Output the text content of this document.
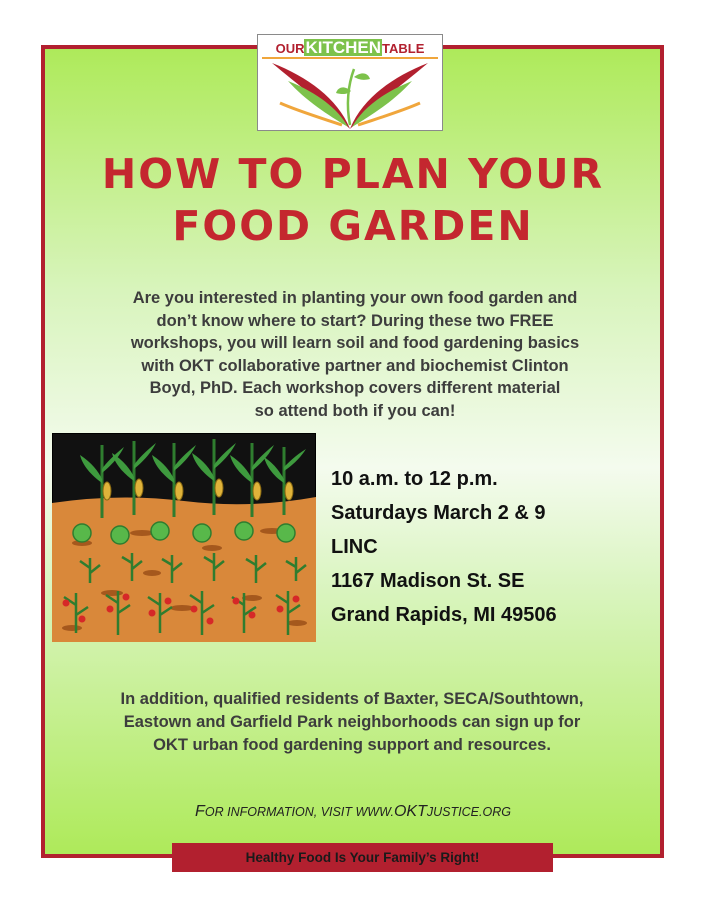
OURKITCHENTABLE
HOW TO PLAN YOUR
FOOD GARDEN
Are you interested in planting your own food garden and
don’t know where to start? During these two FREE
workshops, you will learn soil and food gardening basics
with OKT collaborative partner and biochemist Clinton
Boyd, PhD. Each workshop covers different material
so attend both if you can!
10 a.m. to 12 p.m.
Saturdays March 2 & 9
LINC
1167 Madison St. SE
Grand Rapids, MI 49506
In addition, qualified residents of Baxter, SECA/Southtown,
Eastown and Garfield Park neighborhoods can sign up for
OKT urban food gardening support and resources.
FOR INFORMATION, VISIT WWW.OKTJUSTICE.ORG
Healthy Food Is Your Family’s Right!
